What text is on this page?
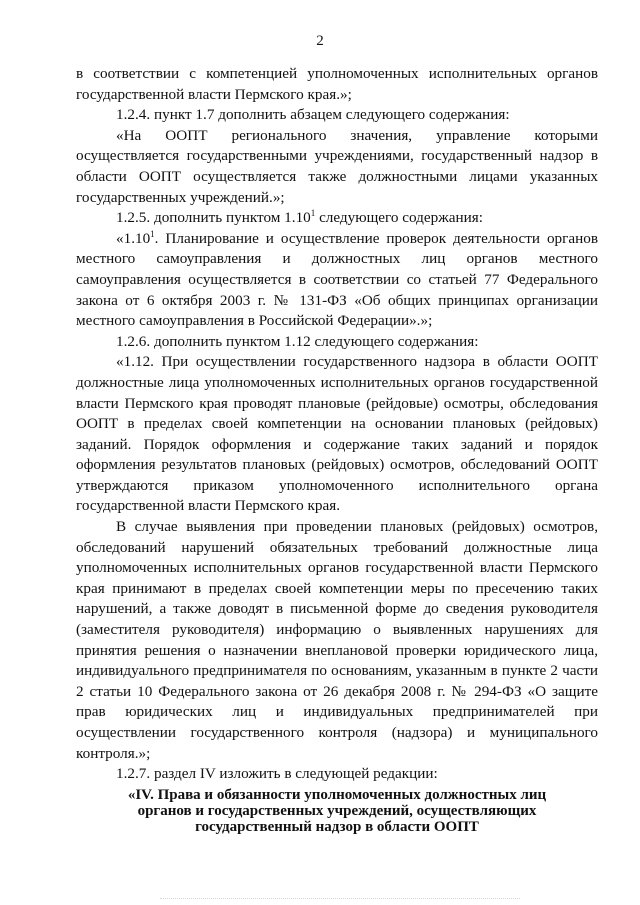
2

в соответствии с компетенцией уполномоченных исполнительных органов государственной власти Пермского края.»;

1.2.4. пункт 1.7 дополнить абзацем следующего содержания:

«На ООПТ регионального значения, управление которыми осуществляется государственными учреждениями, государственный надзор в области ООПТ осуществляется также должностными лицами указанных государственных учреждений.»;

1.2.5. дополнить пунктом 1.10$^1$ следующего содержания:

«1.10$^1$. Планирование и осуществление проверок деятельности органов местного самоуправления и должностных лиц органов местного самоуправления осуществляется в соответствии со статьей 77 Федерального закона от 6 октября 2003 г. № 131-ФЗ «Об общих принципах организации местного самоуправления в Российской Федерации».»;

1.2.6. дополнить пунктом 1.12 следующего содержания:

«1.12. При осуществлении государственного надзора в области ООПТ должностные лица уполномоченных исполнительных органов государственной власти Пермского края проводят плановые (рейдовые) осмотры, обследования ООПТ в пределах своей компетенции на основании плановых (рейдовых) заданий. Порядок оформления и содержание таких заданий и порядок оформления результатов плановых (рейдовых) осмотров, обследований ООПТ утверждаются приказом уполномоченного исполнительного органа государственной власти Пермского края.

В случае выявления при проведении плановых (рейдовых) осмотров, обследований нарушений обязательных требований должностные лица уполномоченных исполнительных органов государственной власти Пермского края принимают в пределах своей компетенции меры по пресечению таких нарушений, а также доводят в письменной форме до сведения руководителя (заместителя руководителя) информацию о выявленных нарушениях для принятия решения о назначении внеплановой проверки юридического лица, индивидуального предпринимателя по основаниям, указанным в пункте 2 части 2 статьи 10 Федерального закона от 26 декабря 2008 г. № 294-ФЗ «О защите прав юридических лиц и индивидуальных предпринимателей при осуществлении государственного контроля (надзора) и муниципального контроля.»;

1.2.7. раздел IV изложить в следующей редакции:

«IV. Права и обязанности уполномоченных должностных лиц
органов и государственных учреждений, осуществляющих
государственный надзор в области ООПТ
